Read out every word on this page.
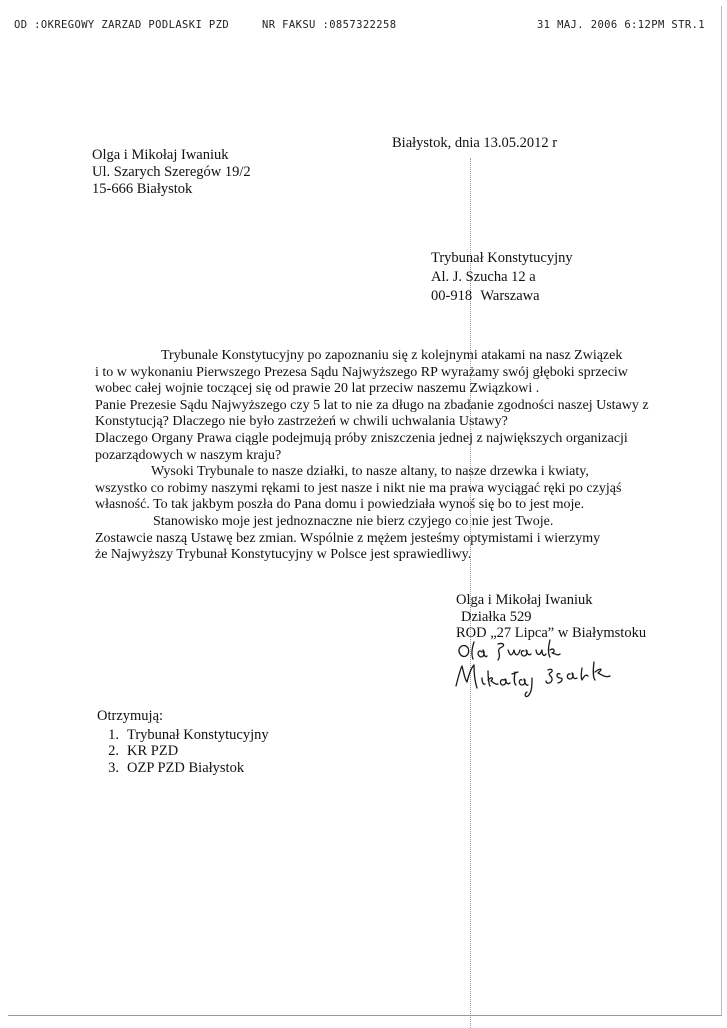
OD :OKREGOWY ZARZAD PODLASKI PZD	NR FAKSU :0857322258	31 MAJ. 2006 6:12PM STR.1
Olga i Mikołaj Iwaniuk
Ul. Szarych Szeregów 19/2
15-666 Białystok
Białystok, dnia 13.05.2012 r
Trybunał Konstytucyjny
Al. J. Szucha 12 a
00-918 Warszawa

Trybunale Konstytucyjny po zapoznaniu się z kolejnymi atakami na nasz Związek

i to w wykonaniu Pierwszego Prezesa Sądu Najwyższego RP wyrażamy swój głęboki sprzeciw

wobec całej wojnie toczącej się od prawie 20 lat przeciw naszemu Związkowi .

Panie Prezesie Sądu Najwyższego czy 5 lat to nie za długo na zbadanie zgodności naszej Ustawy z

Konstytucją? Dlaczego nie było zastrzeżeń w chwili uchwalania Ustawy?

Dlaczego Organy Prawa ciągle podejmują próby zniszczenia jednej z największych organizacji

pozarządowych w naszym kraju?

Wysoki Trybunale to nasze działki, to nasze altany, to nasze drzewka i kwiaty,

wszystko co robimy naszymi rękami to jest nasze i nikt nie ma prawa wyciągać ręki po czyjąś

własność. To tak jakbym poszła do Pana domu i powiedziała wynoś się bo to jest moje.

Stanowisko moje jest jednoznaczne nie bierz czyjego co nie jest Twoje.

Zostawcie naszą Ustawę bez zmian. Wspólnie z mężem jesteśmy optymistami i wierzymy

że Najwyższy Trybunał Konstytucyjny w Polsce jest sprawiedliwy.

Olga i Mikołaj Iwaniuk
Działka 529
ROD „27 Lipca” w Białymstoku
Otrzymują:
1. Trybunał Konstytucyjny
2. KR PZD
3. OZP PZD Białystok
